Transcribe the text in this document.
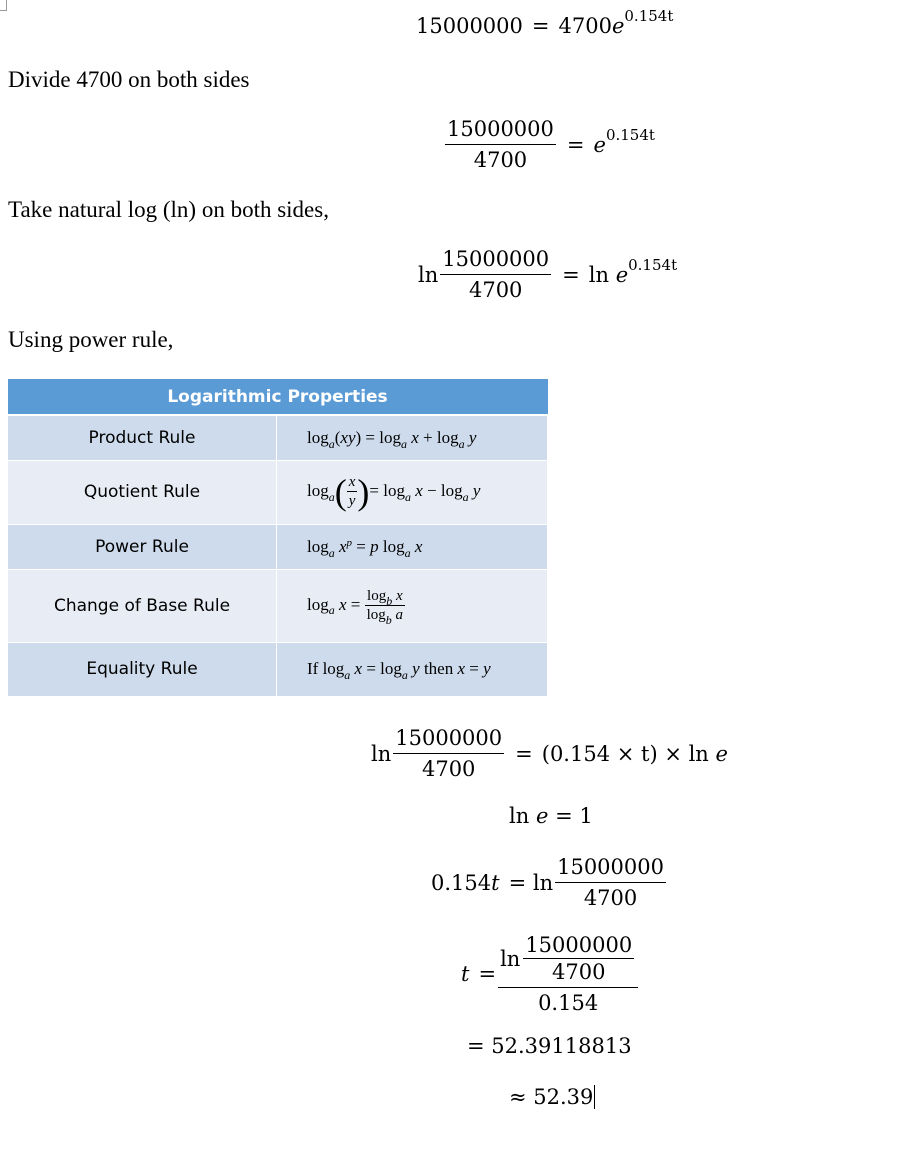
15000000 = 4700 e 0.154t
Divide 4700 on both sides
$\frac{15000000}{4700} = e$ 0.154t
Take natural log (ln) on both sides,
$\ln \frac{15000000}{4700} = \ln$
e 0.154t
Using power rule,
Logarithmic Properties	
Product Rule	$\log_a(xy) = \log_a x + \log_a y$
Quotient Rule	$\log_a( \frac{x}{y}$ )= $\log_a x - \log_a y$
Power Rule	$\log_a x^p = p$ $\log_a x$
Change of Base Rule	$\log_a x = \frac{\log_b x}{\log_b a}$

Equality Rule	If $\log_a x = \log_a y$ then x = y
$\ln \frac{15000000}{4700} = (0.154 \times t) \times \ln$
e
ln
e
= 1
0.154 $t = \ln \frac{15000000}{4700}$
$t = \frac{\ln \frac{15000000}{4700}}{0.154}$
= 52.39118813
≈ 52.39
